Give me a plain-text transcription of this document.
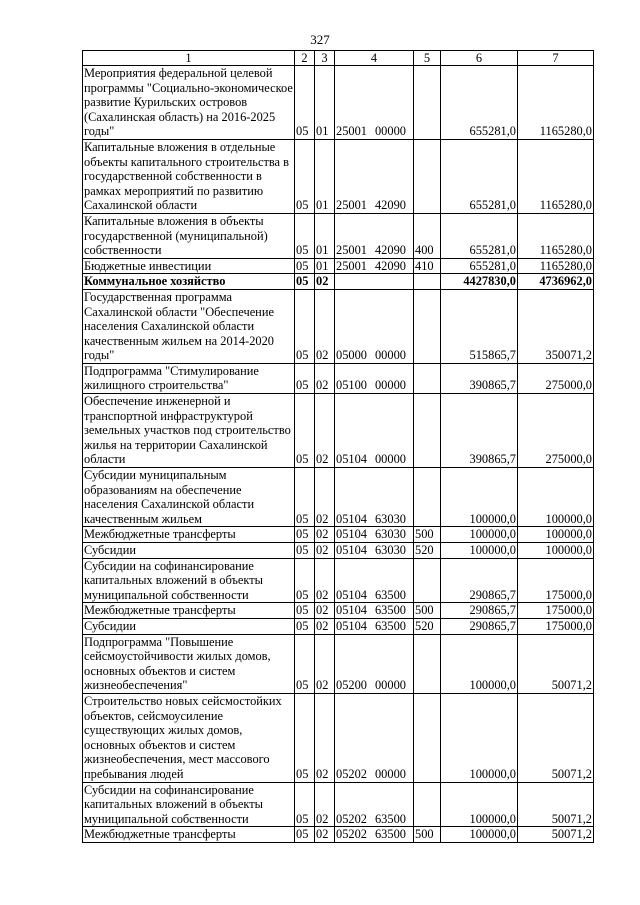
327
1	2	3	4	5	6	7
Мероприятия федеральной целевой программы "Социально-экономическое развитие Курильских островов (Сахалинская область) на 2016-2025 годы"	05	01	25001 00000		655281,0	1165280,0
Капитальные вложения в отдельные объекты капитального строительства в государственной собственности в рамках мероприятий по развитию Сахалинской области	05	01	25001 42090		655281,0	1165280,0
Капитальные вложения в объекты государственной (муниципальной) собственности	05	01	25001 42090	400	655281,0	1165280,0
Бюджетные инвестиции	05	01	25001 42090	410	655281,0	1165280,0
Коммунальное хозяйство	05	02			4427830,0	4736962,0
Государственная программа Сахалинской области "Обеспечение населения Сахалинской области качественным жильем на 2014-2020 годы"	05	02	05000 00000		515865,7	350071,2
Подпрограмма "Стимулирование жилищного строительства"	05	02	05100 00000		390865,7	275000,0
Обеспечение инженерной и транспортной инфраструктурой земельных участков под строительство жилья на территории Сахалинской области	05	02	05104 00000		390865,7	275000,0
Субсидии муниципальным образованиям на обеспечение населения Сахалинской области качественным жильем	05	02	05104 63030		100000,0	100000,0
Межбюджетные трансферты	05	02	05104 63030	500	100000,0	100000,0
Субсидии	05	02	05104 63030	520	100000,0	100000,0
Субсидии на софинансирование капитальных вложений в объекты муниципальной собственности	05	02	05104 63500		290865,7	175000,0
Межбюджетные трансферты	05	02	05104 63500	500	290865,7	175000,0
Субсидии	05	02	05104 63500	520	290865,7	175000,0
Подпрограмма "Повышение сейсмоустойчивости жилых домов, основных объектов и систем жизнеобеспечения"	05	02	05200 00000		100000,0	50071,2
Строительство новых сейсмостойких объектов, сейсмоусиление существующих жилых домов, основных объектов и систем жизнеобеспечения, мест массового пребывания людей	05	02	05202 00000		100000,0	50071,2
Субсидии на софинансирование капитальных вложений в объекты муниципальной собственности	05	02	05202 63500		100000,0	50071,2
Межбюджетные трансферты	05	02	05202 63500	500	100000,0	50071,2
